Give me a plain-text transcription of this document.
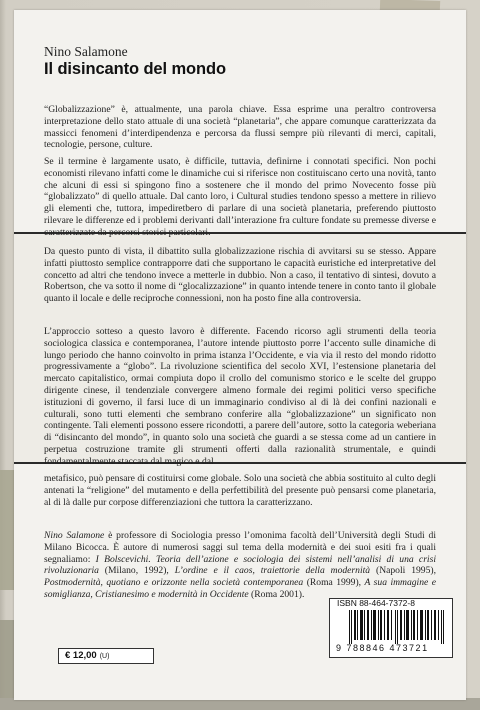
Nino Salamone
Il disincanto del mondo
“Globalizzazione” è, attualmente, una parola chiave. Essa esprime una peraltro controversa interpretazione dello stato attuale di una società “planetaria”, che appare comunque caratterizzata da massicci fenomeni d’interdipendenza e percorsa da flussi sempre più rilevanti di merci, capitali, tecnologie, persone, culture.
Se il termine è largamente usato, è difficile, tuttavia, definirne i connotati specifici. Non pochi economisti rilevano infatti come le dinamiche cui si riferisce non costituiscano certo una novità, tanto che alcuni di essi si spingono fino a sostenere che il mondo del primo Novecento fosse più “globalizzato” di quello attuale. Dal canto loro, i Cultural studies tendono spesso a mettere in rilievo gli elementi che, tuttora, impediretbero di parlare di una società planetaria, preferendo piuttosto rilevare le differenze ed i problemi derivanti dall’interazione fra culture fondate su premesse diverse e caratterizzate da percorsi storici particolari.
Da questo punto di vista, il dibattito sulla globalizzazione rischia di avvitarsi su se stesso. Appare infatti piuttosto semplice contrapporre dati che supportano le capacità euristiche ed interpretative del concetto ad altri che tendono invece a metterle in dubbio. Non a caso, il tentativo di sintesi, dovuto a Robertson, che va sotto il nome di “glocalizzazione” in quanto intende tenere in conto tanto il globale quanto il locale e delle reciproche connessioni, non ha posto fine alla controversia.
L’approccio sotteso a questo lavoro è differente. Facendo ricorso agli strumenti della teoria sociologica classica e contemporanea, l’autore intende piuttosto porre l’accento sulle dinamiche di lungo periodo che hanno coinvolto in prima istanza l’Occidente, e via via il resto del mondo ridotto progressivamente a “globo”. La rivoluzione scientifica del secolo XVI, l’estensione planetaria del mercato capitalistico, ormai compiuta dopo il crollo del comunismo storico e le scelte del gruppo dirigente cinese, il tendenziale convergere almeno formale dei regimi politici verso specifiche istituzioni di governo, il farsi luce di un immaginario condiviso al di là dei confini nazionali e culturali, sono tutti elementi che sembrano conferire alla “globalizzazione” un significato non contingente. Tali elementi possono essere ricondotti, a parere dell’autore, sotto la categoria weberiana di “disincanto del mondo”, in quanto solo una società che guardi a se stessa come ad un cantiere in perpetua costruzione tramite gli strumenti offerti dalla razionalità strumentale, e quindi fondamentalmente staccata dal magico e dal
metafisico, può pensare di costituirsi come globale. Solo una società che abbia sostituito al culto degli antenati la “religione” del mutamento e della perfettibilità del presente può pensarsi come planetaria, al di là dalle pur corpose differenziazioni che tuttora la caratterizzano.
Nino Salamone è professore di Sociologia presso l’omonima facoltà dell’Università degli Studi di Milano Bicocca. È autore di numerosi saggi sul tema della modernità e dei suoi esiti fra i quali segnaliamo: I Bolscevichi. Teoria dell’azione e sociologia dei sistemi nell’analisi di una crisi rivoluzionaria (Milano, 1992), L’ordine e il caos, traiettorie della modernità (Napoli 1995), Postmodernità, quotiano e orizzonte nella società contemporanea (Roma 1999), A sua immagine e somiglianza, Cristianesimo e modernità in Occidente (Roma 2001).
ISBN 88-464-7372-8
9 788846 473721
€ 12,00 (U)
